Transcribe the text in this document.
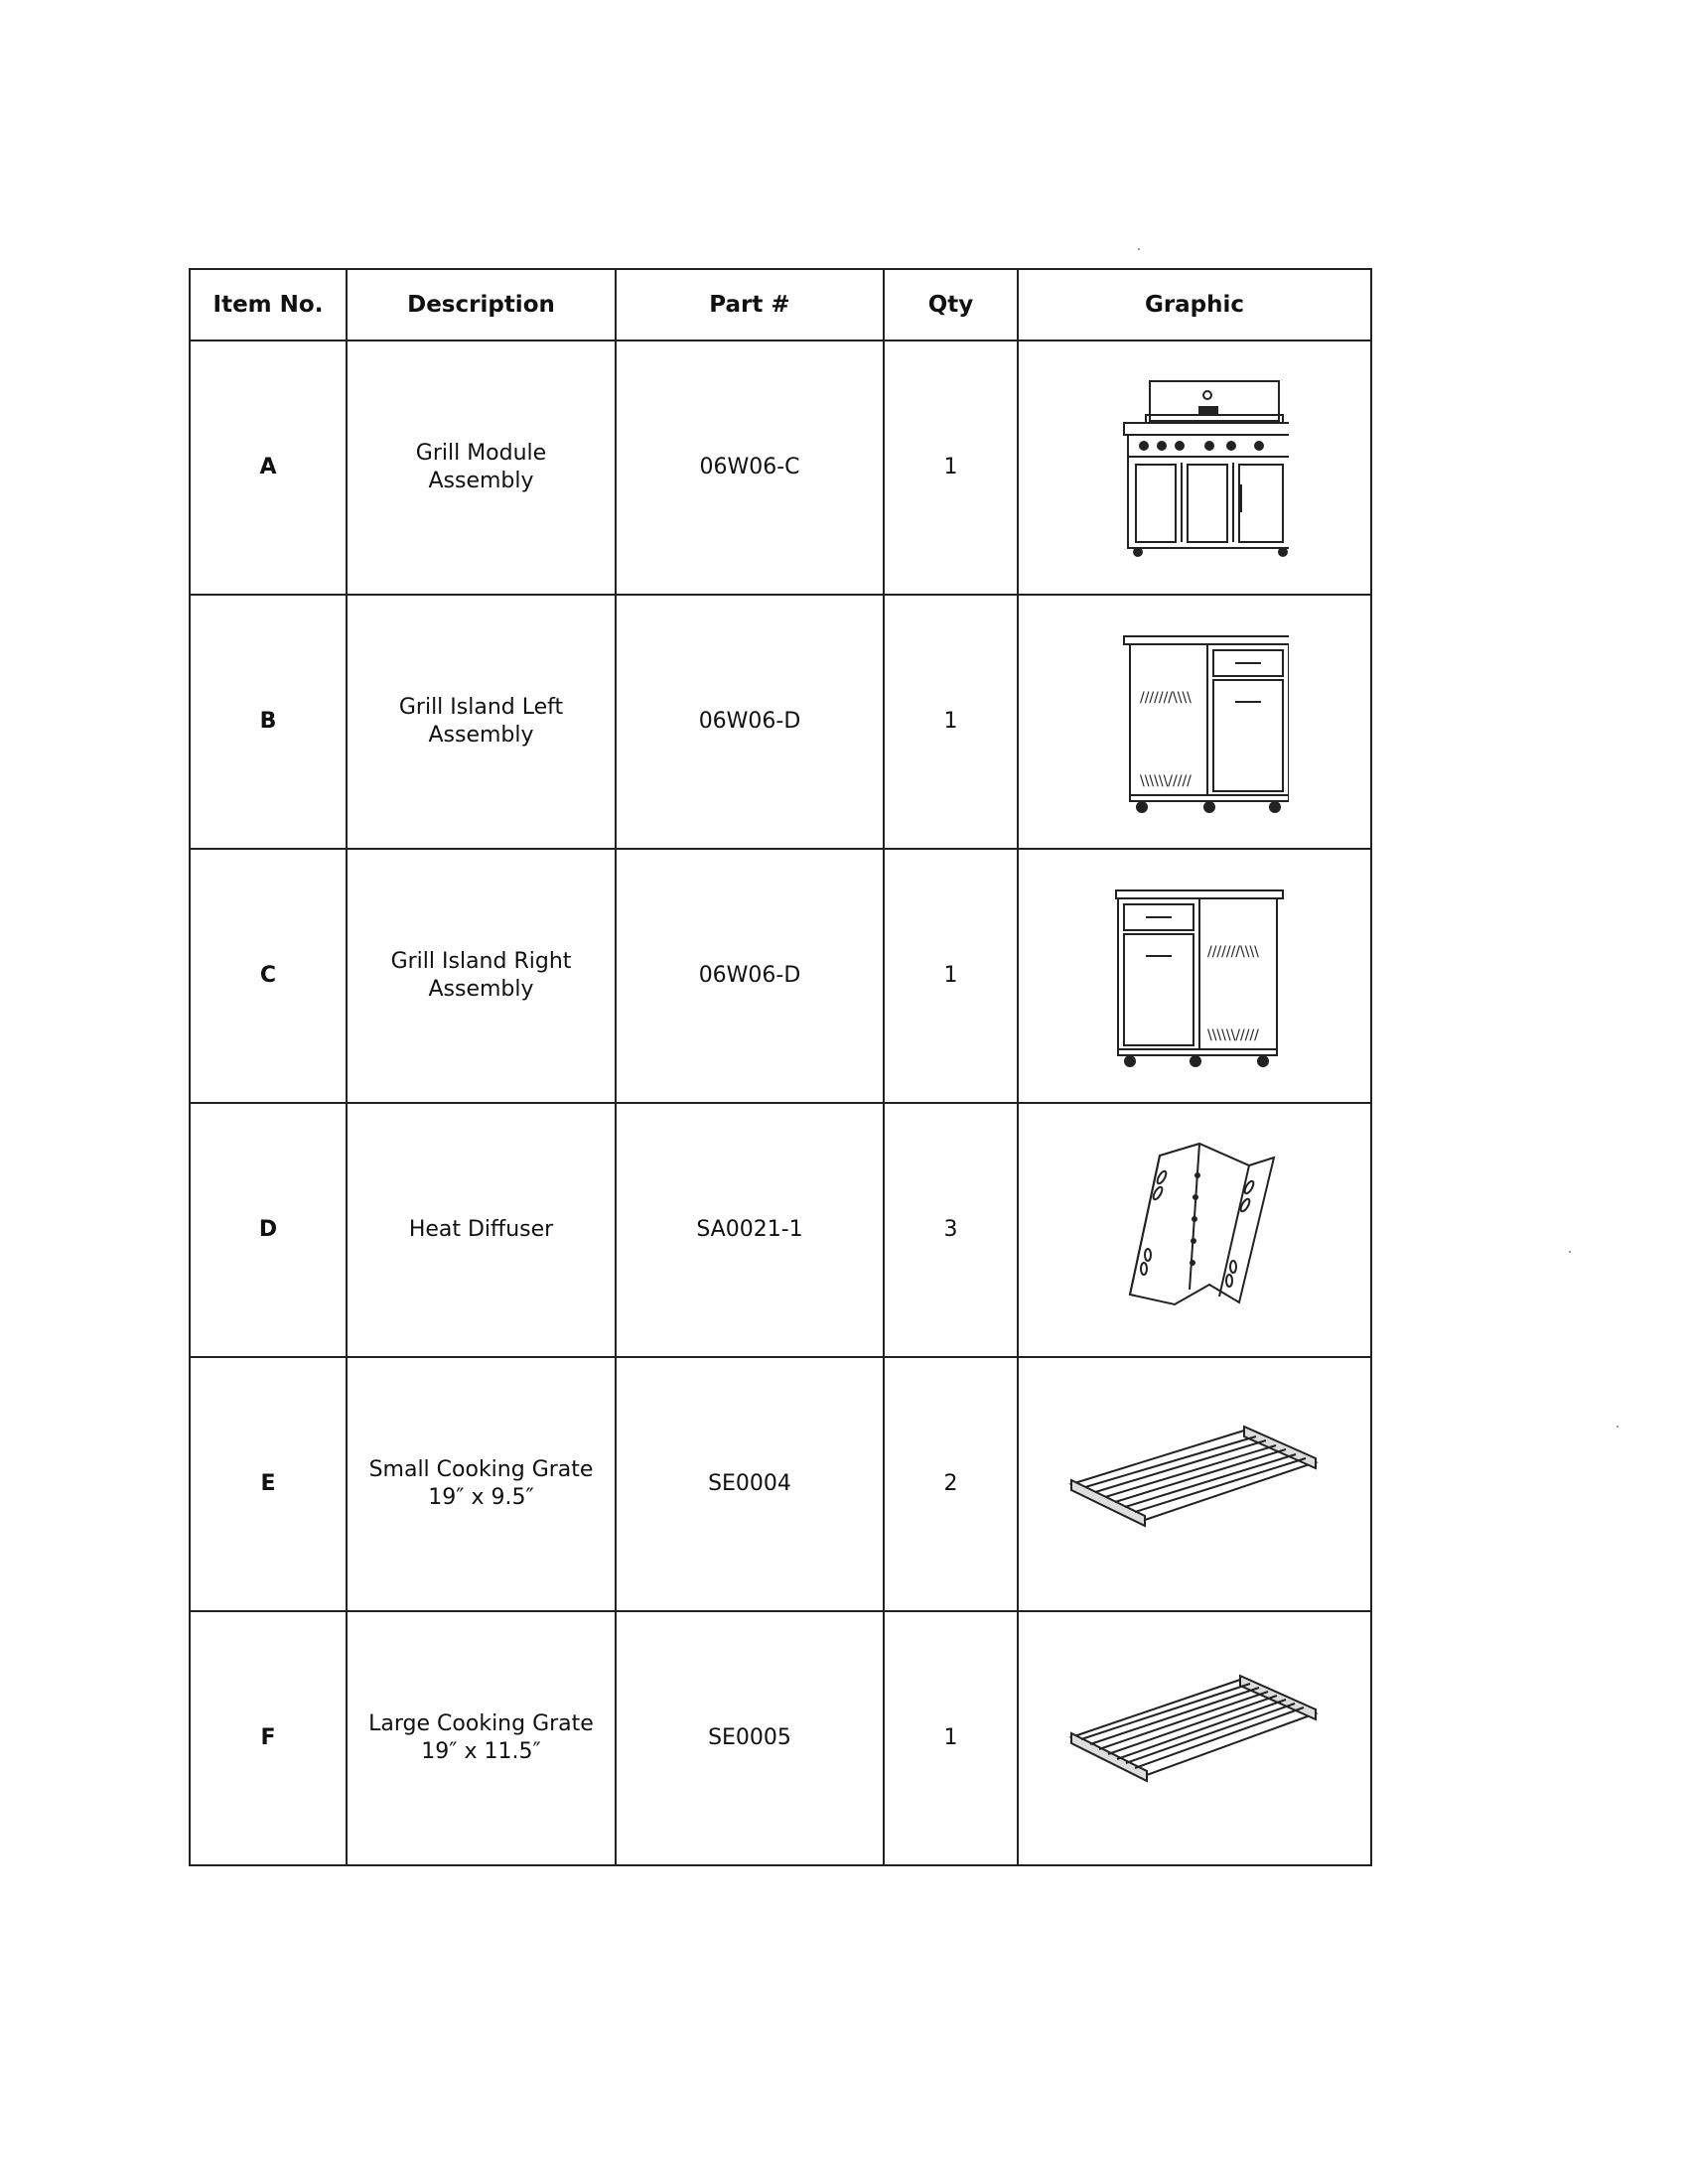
Item No.	Description	Part #	Qty	Graphic
A	Grill Module
Assembly	06W06-C	1	

B	Grill Island Left
Assembly	06W06-D	1	///////\\\\
\\\\\\/////

C	Grill Island Right
Assembly	06W06-D	1	///////\\\\
\\\\\\/////

D	Heat Diffuser	SA0021-1	3	

E	Small Cooking Grate
19″ x 9.5″	SE0004	2	

F	Large Cooking Grate
19″ x 11.5″	SE0005	1	
